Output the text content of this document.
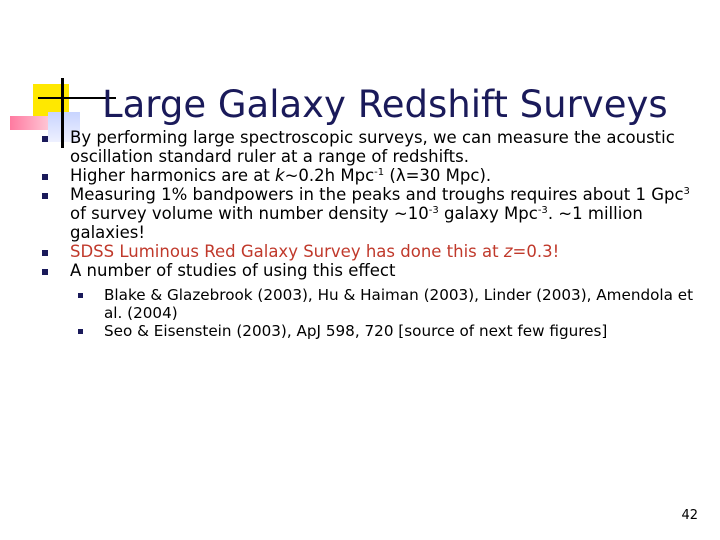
Large Galaxy Redshift Surveys
By performing large spectroscopic surveys, we can measure the acoustic oscillation standard ruler at a range of redshifts.
Higher harmonics are at k~0.2h Mpc$^{-1}$ (λ=30 Mpc).
Measuring 1% bandpowers in the peaks and troughs requires about 1 Gpc$^3$ of survey volume with number density $\sim 10^{-3}$ galaxy Mpc$^{-3}$. ~1 million galaxies!
SDSS Luminous Red Galaxy Survey has done this at z=0.3!
A number of studies of using this effect
Blake & Glazebrook (2003), Hu & Haiman (2003), Linder (2003), Amendola et al. (2004)
Seo & Eisenstein (2003), ApJ 598, 720 [source of next few figures]
42
